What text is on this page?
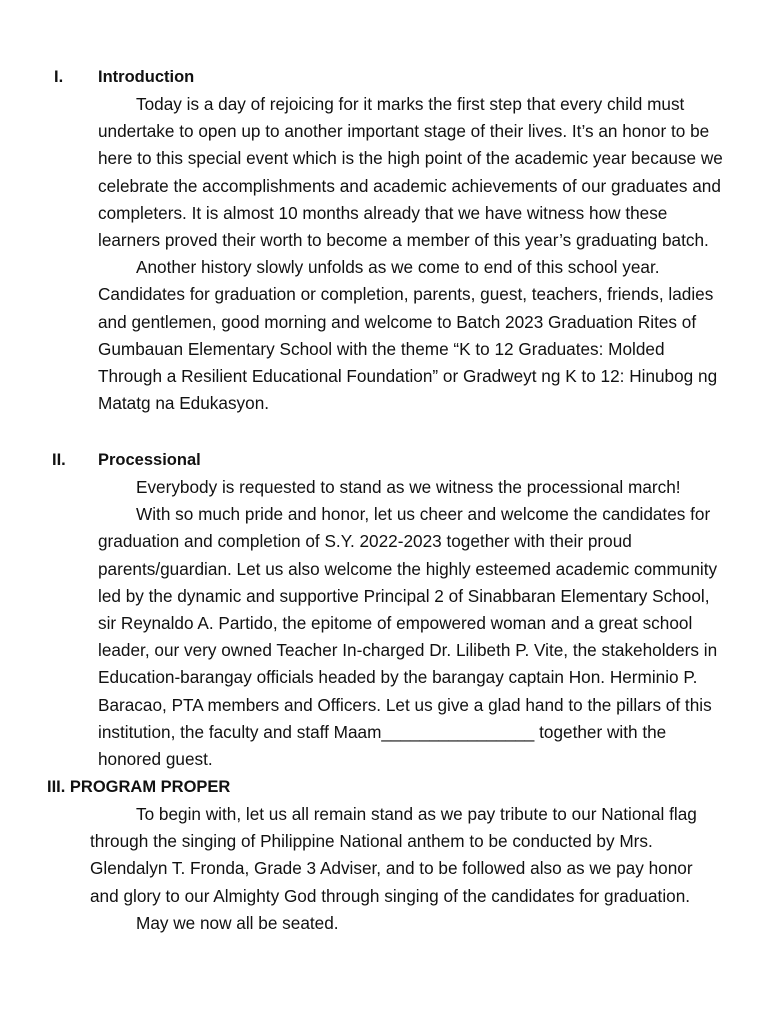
I. Introduction

Today is a day of rejoicing for it marks the first step that every child must undertake to open up to another important stage of their lives. It’s an honor to be here to this special event which is the high point of the academic year because we celebrate the accomplishments and academic achievements of our graduates and completers. It is almost 10 months already that we have witness how these learners proved their worth to become a member of this year’s graduating batch.

Another history slowly unfolds as we come to end of this school year. Candidates for graduation or completion, parents, guest, teachers, friends, ladies and gentlemen, good morning and welcome to Batch 2023 Graduation Rites of Gumbauan Elementary School with the theme “K to 12 Graduates: Molded Through a Resilient Educational Foundation” or Gradweyt ng K to 12: Hinubog ng Matatg na Edukasyon.

II. Processional

Everybody is requested to stand as we witness the processional march!

With so much pride and honor, let us cheer and welcome the candidates for graduation and completion of S.Y. 2022-2023 together with their proud parents/guardian. Let us also welcome the highly esteemed academic community led by the dynamic and supportive Principal 2 of Sinabbaran Elementary School, sir Reynaldo A. Partido, the epitome of empowered woman and a great school leader, our very owned Teacher In-charged Dr. Lilibeth P. Vite, the stakeholders in Education-barangay officials headed by the barangay captain Hon. Herminio P. Baracao, PTA members and Officers. Let us give a glad hand to the pillars of this institution, the faculty and staff Maam________________ together with the honored guest.

III. PROGRAM PROPER

To begin with, let us all remain stand as we pay tribute to our National flag through the singing of Philippine National anthem to be conducted by Mrs. Glendalyn T. Fronda, Grade 3 Adviser, and to be followed also as we pay honor and glory to our Almighty God through singing of the candidates for graduation.

May we now all be seated.
